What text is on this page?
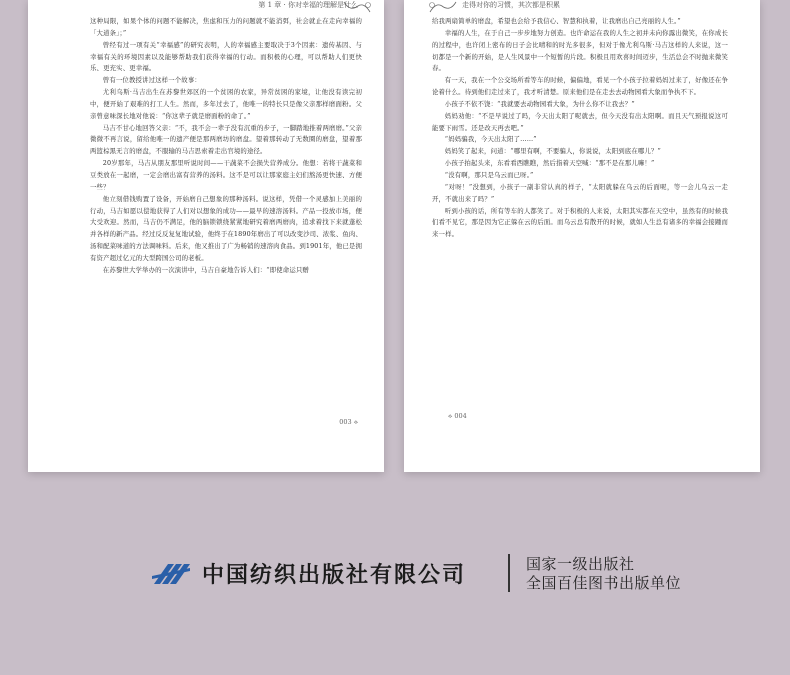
第 1 章 · 你对幸福的理解是什么

这种局限，如果个体的问题不能解决，焦虑和压力的问题就不能消弭，社会就止在走向幸福的「大道条」；”

曾经有过一项有关“幸福感”的研究表明，人的幸福感主要取决于3个因素：遗传基因、与幸福有关的环境因素以及能够帮助我们获得幸福的行动。而积极的心理，可以帮助人们更快乐、更充实、更幸福。

曾有一位教授讲过这样一个故事：

尤利乌斯·马吉出生在苏黎世郊区的一个贫困的农家，异常贫困的家境，让他没有读完初中，便开始了艰难的打工人生。然而，多年过去了，他唯一的特长只是像父亲那样磨面粉。父亲曾意味深长地对他说：“你这辈子就是磨面粉的命了。”

马吉不甘心地回答父亲：“不，我不会一辈子没有沉重的步子，一脚踏地推着两磨磨。”父亲微微不再言说，留给他唯一的遗产便是那两磨坊的磨盘。望着那转动了无数圈的磨盘，望着那两篮棕黑无言的磨盘，不服输的马吉思索着走出官境的途径。

20岁那年，马吉从朋友那里听说时间——干蔬菜不会损失营养成分。他想：若将干蔬菜和豆类放在一起磨，一定会磨出富有营养的汤料。这不是可以让那家庭主妇们熬汤更快速、方便一些？

他立刻借钱购置了设备，开始磨自己想象的那种汤料。说这样，凭借一个灵感加上美丽的行动，马吉如愿以偿地获得了人们对以想象的成功——最早的速溶汤料。产品一投放市场，便大受欢迎。然而，马吉仍不满足，他的脑锁锁绕紧紧地研究着磨两磨肉，追求着找下来就蓬松并各样的新产品。经过反反复复地试验，他终于在1890年磨出了可以改变沙司、浓浆、鱼肉、汤和配菜味道的方法调味料。后来，他又推出了广为畅销的速溶肉食品。到1901年，他已是拥有资产超过亿元的大型跨国公司的老板。

在苏黎世大学举办的一次演讲中，马吉自豪地告诉人们：“即使命运只赠

003 ⟡
走得对你的习惯，其次都是积累

给我两扇简单的磨盘，希望也会给予我信心、智慧和执着，让我磨出自己亮丽的人生。”

幸福的人生，在于自己一步步地努力创造。也许命运在我的人生之初并未向你露出微笑，在你成长的过程中，也许闭上密布的日子会比晴和的时光多很多，但对于像尤利乌斯·马吉这样的人来说，这一切都是一个新的开始，是人生风景中一个短暂的片段。积极且用欢喜时间迈步，生活总会不时抛来微笑春。

有一天，我在一个公交场所看等车的时候，偏偏地，看见一个小孩子拉着妈妈过来了，好像还在争论着什么。待到他们走过来了，我才听清楚。原来他们是在走去去动物园看大象而争执不下。

小孩子不依不饶：“我就要去动物园看大象，为什么你不让我去？”

妈妈劝他：“不是早说过了吗，今天出太阳了呢就去，但今天没有出太阳啊。而且天气预报说这可能要下雨雪。还是改天再去吧。”

“妈妈骗我，今天出太阳了……”

妈妈笑了起来，问道：“哪里有啊，不要骗人，你说说，太阳到底在哪儿？”

小孩子拍起头来，东看看西瞧瞧，然后指着天空喊：“那不是在那儿嘛！”

“没有啊，那只是乌云而已呀。”

“对呀！”没想到，小孩子一副非常认真的样子，“太阳就躲在乌云的后面呢，等一会儿乌云一走开，不就出来了吗？”

听到小孩的话，所有等车的人都笑了。对于积极的人来说，太阳其实都在天空中，虽然有的时候我们看不见它，那是因为它正躲在云的后面。而乌云总有散开的时候，就如人生总有诸多的幸福会接踵而来一样。

⟡ 004
中国纺织出版社有限公司	国家一级出版社
全国百佳图书出版单位
